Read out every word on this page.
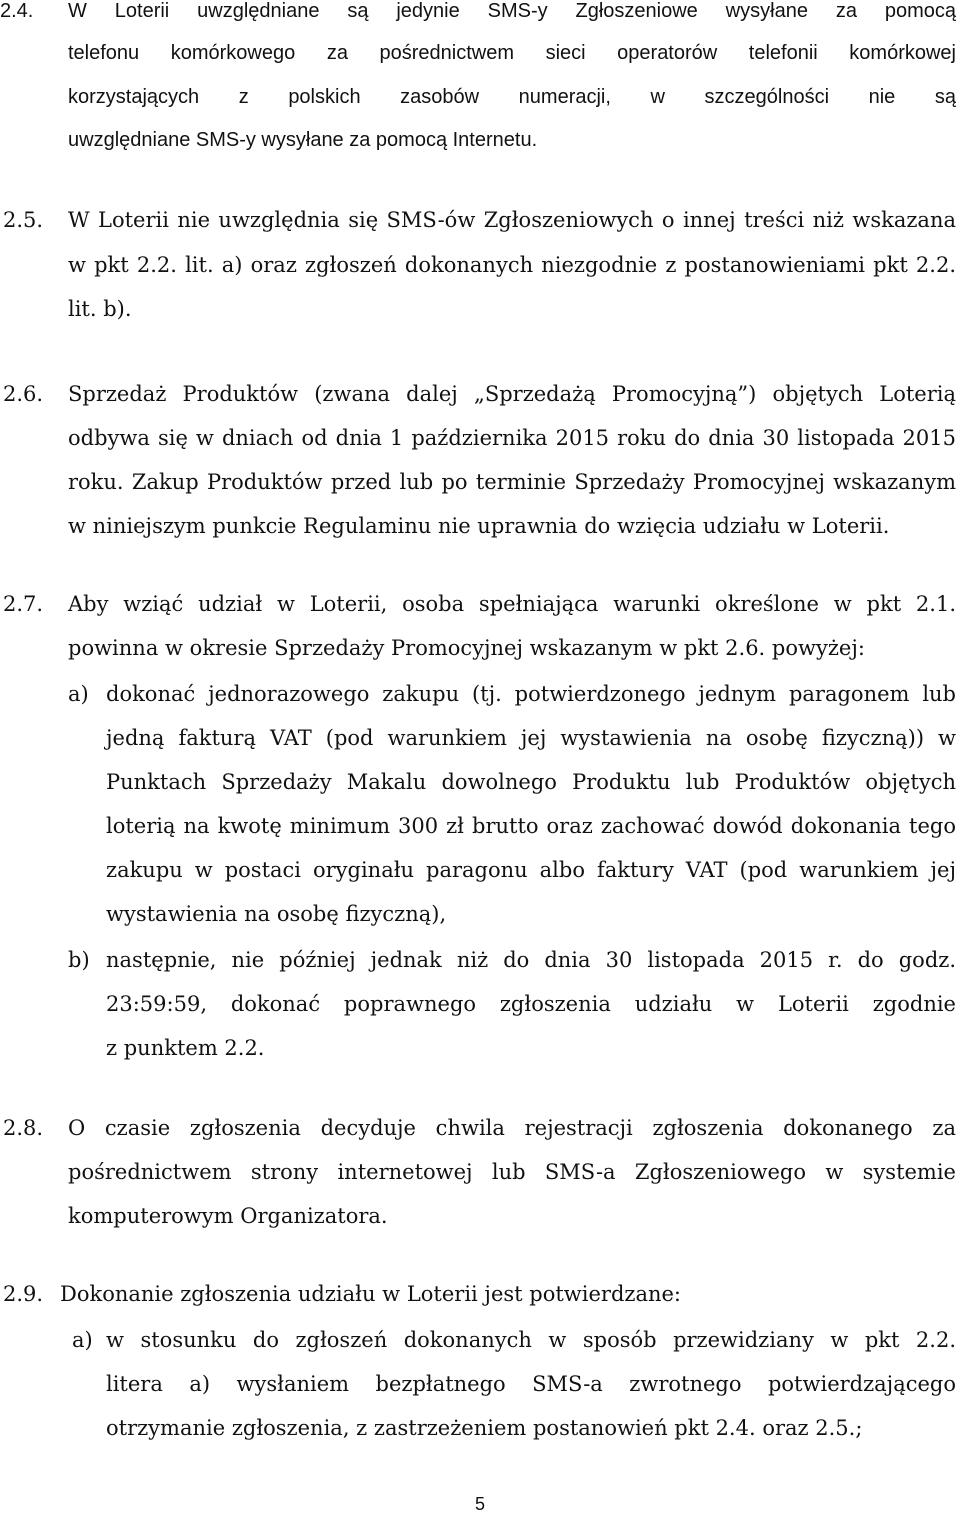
2.4. W Loterii uwzględniane są jedynie SMS-y Zgłoszeniowe wysyłane za pomocą
telefonu komórkowego za pośrednictwem sieci operatorów telefonii komórkowej
korzystających z polskich zasobów numeracji, w szczególności nie są
uwzględniane SMS-y wysyłane za pomocą Internetu.
2.5. W Loterii nie uwzględnia się SMS-ów Zgłoszeniowych o innej treści niż wskazana
w pkt 2.2. lit. a) oraz zgłoszeń dokonanych niezgodnie z postanowieniami pkt 2.2.
lit. b).
2.6. Sprzedaż Produktów (zwana dalej „Sprzedażą Promocyjną”) objętych Loterią
odbywa się w dniach od dnia 1 października 2015 roku do dnia 30 listopada 2015
roku. Zakup Produktów przed lub po terminie Sprzedaży Promocyjnej wskazanym
w niniejszym punkcie Regulaminu nie uprawnia do wzięcia udziału w Loterii.
2.7. Aby wziąć udział w Loterii, osoba spełniająca warunki określone w pkt 2.1.
powinna w okresie Sprzedaży Promocyjnej wskazanym w pkt 2.6. powyżej:
a) dokonać jednorazowego zakupu (tj. potwierdzonego jednym paragonem lub
jedną fakturą VAT (pod warunkiem jej wystawienia na osobę fizyczną)) w
Punktach Sprzedaży Makalu dowolnego Produktu lub Produktów objętych
loterią na kwotę minimum 300 zł brutto oraz zachować dowód dokonania tego
zakupu w postaci oryginału paragonu albo faktury VAT (pod warunkiem jej
wystawienia na osobę fizyczną),
b) następnie, nie później jednak niż do dnia 30 listopada 2015 r. do godz.
23:59:59, dokonać poprawnego zgłoszenia udziału w Loterii zgodnie
z punktem 2.2.
2.8. O czasie zgłoszenia decyduje chwila rejestracji zgłoszenia dokonanego za
pośrednictwem strony internetowej lub SMS-a Zgłoszeniowego w systemie
komputerowym Organizatora.
2.9. Dokonanie zgłoszenia udziału w Loterii jest potwierdzane:
a) w stosunku do zgłoszeń dokonanych w sposób przewidziany w pkt 2.2.
litera a) wysłaniem bezpłatnego SMS-a zwrotnego potwierdzającego
otrzymanie zgłoszenia, z zastrzeżeniem postanowień pkt 2.4. oraz 2.5.;
5
